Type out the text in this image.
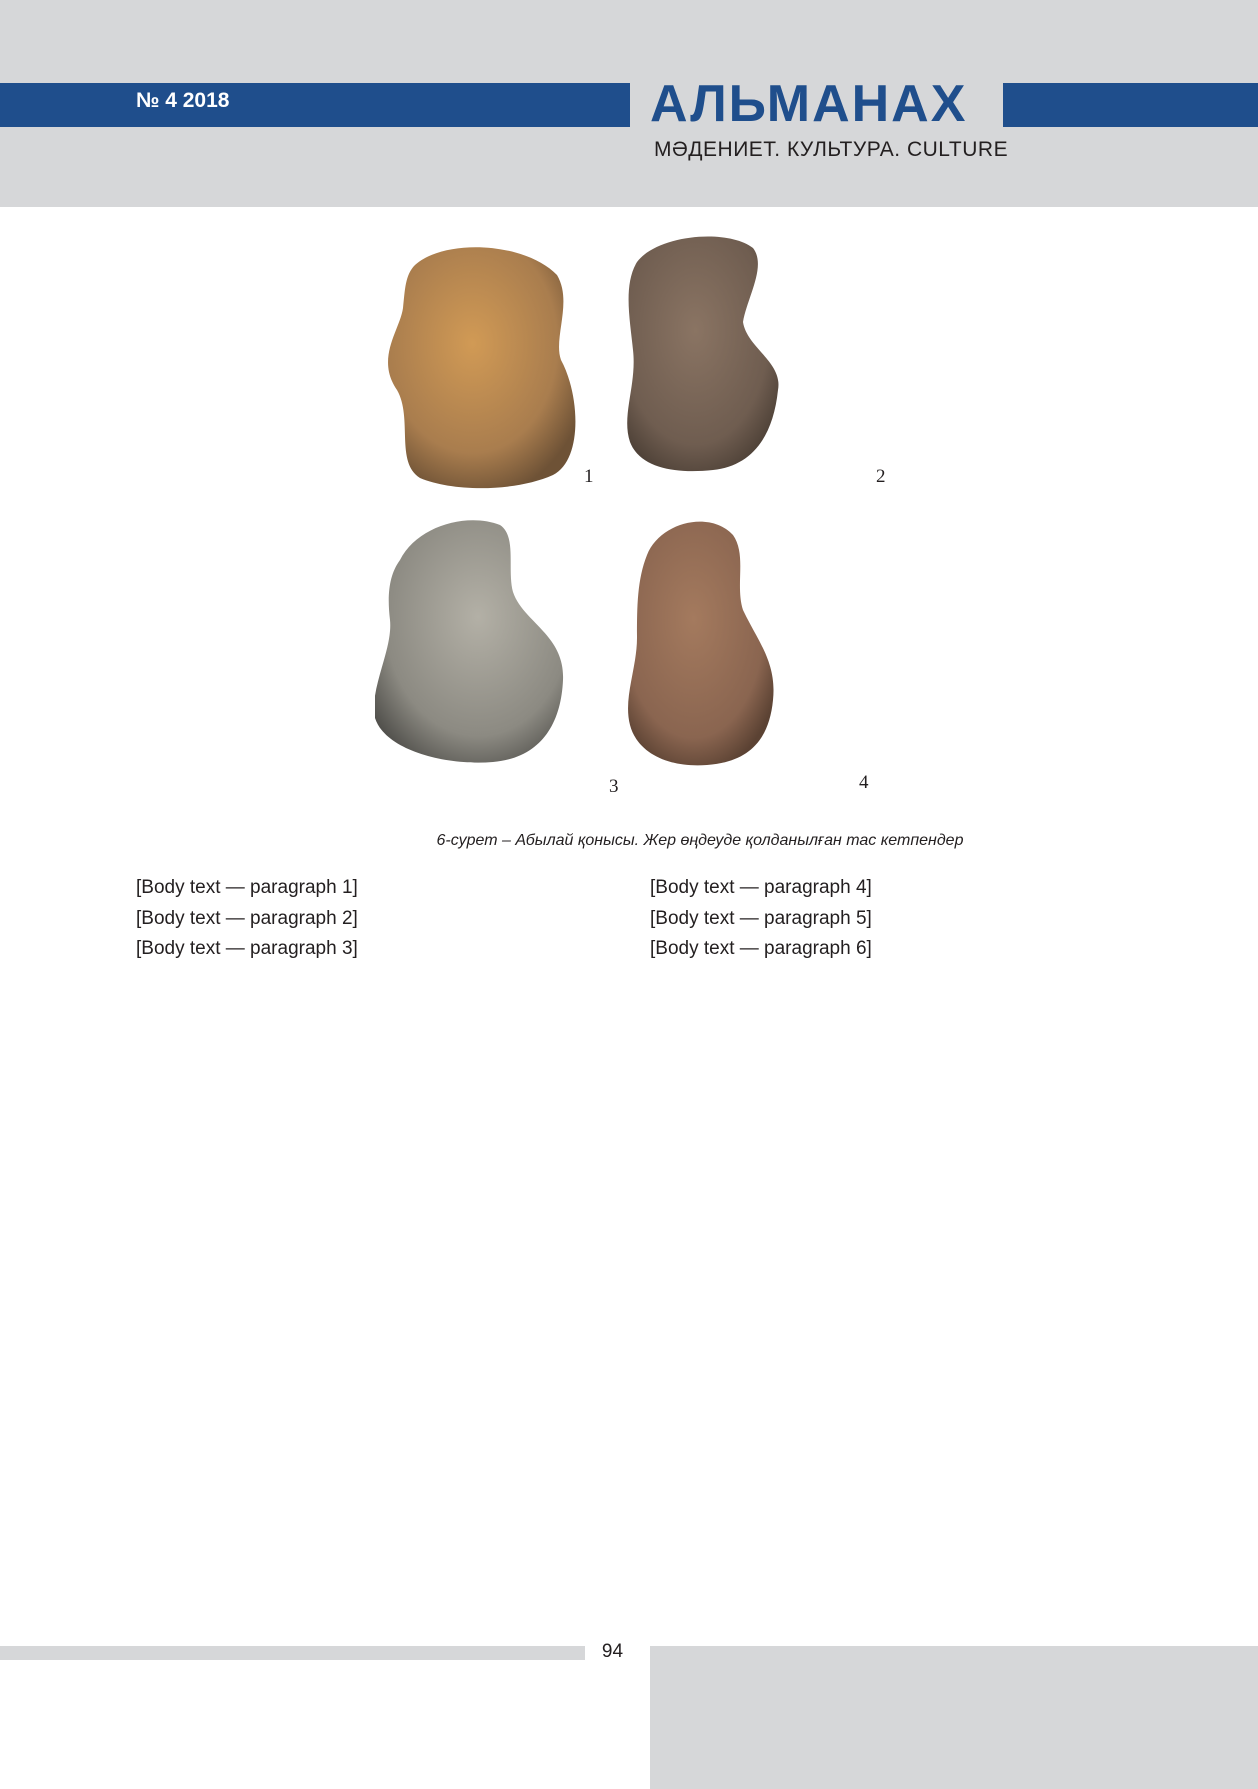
№ 4 2018	АЛЬМАНАХ
МӘДЕНИЕТ. КУЛЬТУРА. CULTURE
1	2
3	4
6-сурет – Абылай қонысы. Жер өңдеуде қолданылған тас кетпендер

[Body text — paragraph 1]

[Body text — paragraph 2]

[Body text — paragraph 3]

[Body text — paragraph 4]

[Body text — paragraph 5]

[Body text — paragraph 6]

94
